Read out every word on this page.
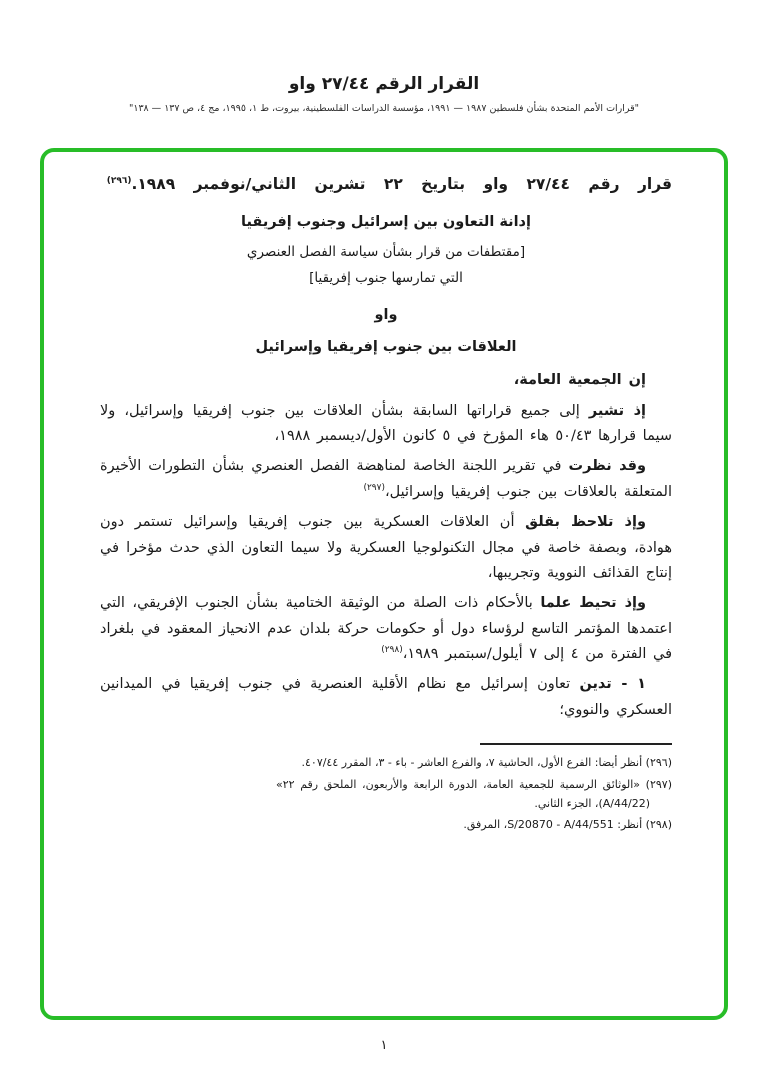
القرار الرقم ٢٧/٤٤ واو
"قرارات الأمم المتحدة بشأن فلسطين ١٩٨٧ — ١٩٩١، مؤسسة الدراسات الفلسطينية، بيروت، ط ١، ١٩٩٥، مج ٤، ص ١٣٧ — ١٣٨"

قرار رقم ٢٧/٤٤ واو بتاريخ ٢٢ تشرين الثاني/نوفمبر ١٩٨٩.$^{(٢٩٦)}$

إدانة التعاون بين إسرائيل وجنوب إفريقيا

[مقتطفات من قرار بشأن سياسة الفصل العنصري

التي تمارسها جنوب إفريقيا]

واو

العلاقات بين جنوب إفريقيا وإسرائيل

إن الجمعية العامة،

إذ تشير إلى جميع قراراتها السابقة بشأن العلاقات بين جنوب إفريقيا وإسرائيل، ولا سيما قرارها ٥٠/٤٣ هاء المؤرخ في ٥ كانون الأول/ديسمبر ١٩٨٨،

وقد نظرت في تقرير اللجنة الخاصة لمناهضة الفصل العنصري بشأن التطورات الأخيرة المتعلقة بالعلاقات بين جنوب إفريقيا وإسرائيل،$^{(٢٩٧)}$

وإذ تلاحظ بقلق أن العلاقات العسكرية بين جنوب إفريقيا وإسرائيل تستمر دون هوادة، وبصفة خاصة في مجال التكنولوجيا العسكرية ولا سيما التعاون الذي حدث مؤخرا في إنتاج القذائف النووية وتجريبها،

وإذ تحيط علما بالأحكام ذات الصلة من الوثيقة الختامية بشأن الجنوب الإفريقي، التي اعتمدها المؤتمر التاسع لرؤساء دول أو حكومات حركة بلدان عدم الانحياز المعقود في بلغراد في الفترة من ٤ إلى ٧ أيلول/سبتمبر ١٩٨٩،$^{(٢٩٨)}$

١ - تدين تعاون إسرائيل مع نظام الأقلية العنصرية في جنوب إفريقيا في الميدانين العسكري والنووي؛

(٢٩٦) أنظر أيضا: الفرع الأول، الحاشية ٧، والفرع العاشر - باء - ٣، المقرر ٤٠٧/٤٤.

(٢٩٧) «الوثائق الرسمية للجمعية العامة، الدورة الرابعة والأربعون، الملحق رقم ٢٢» (A/44/22)، الجزء الثاني.

(٢٩٨) أنظر: S/20870 - A/44/551، المرفق.

١
